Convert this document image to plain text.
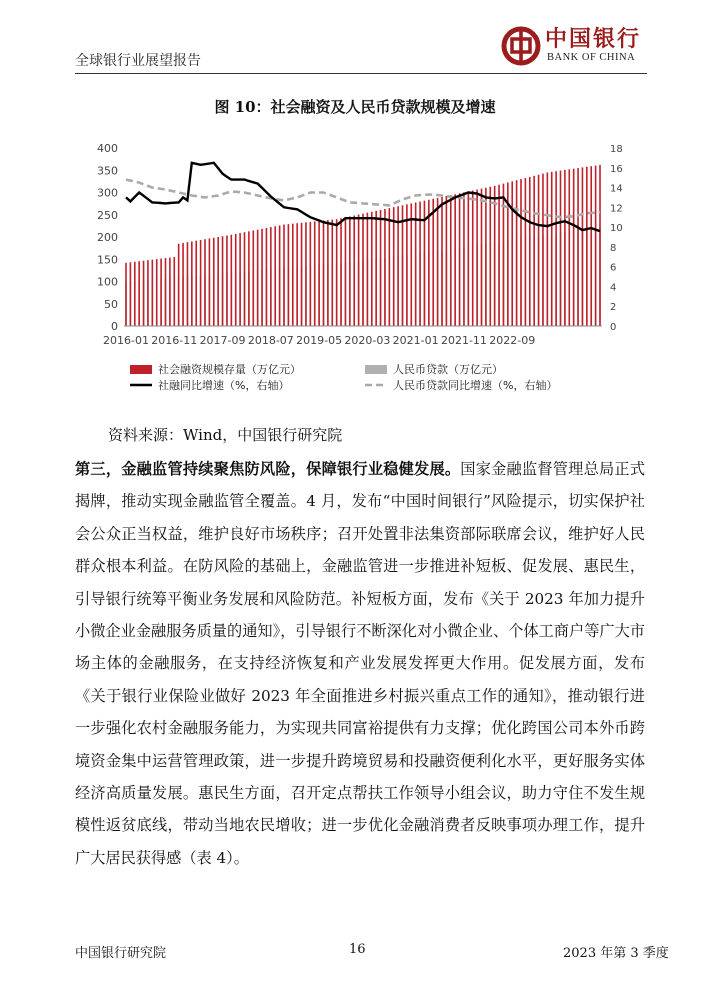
全球银行业展望报告
中国银行
BANK OF CHINA
图 10：社会融资及人民币贷款规模及增速
0
50
100
150
200
250
300
350
400
0
2
4
6
8
10
12
14
16
18
2016-01 2016-11 2017-09 2018-07 2019-05 2020-03 2021-01 2021-11 2022-09
社会融资规模存量（万亿元）	人民币贷款（万亿元）
社融同比增速（%，右轴）	人民币贷款同比增速（%，右轴）
资料来源：Wind，中国银行研究院
第三，金融监管持续聚焦防风险，保障银行业稳健发展。国家金融监督管理总局正式揭牌，推动实现金融监管全覆盖。4 月，发布“中国时间银行”风险提示，切实保护社会公众正当权益，维护良好市场秩序；召开处置非法集资部际联席会议，维护好人民群众根本利益。在防风险的基础上，金融监管进一步推进补短板、促发展、惠民生，引导银行统筹平衡业务发展和风险防范。补短板方面，发布《关于 2023 年加力提升小微企业金融服务质量的通知》，引导银行不断深化对小微企业、个体工商户等广大市场主体的金融服务，在支持经济恢复和产业发展发挥更大作用。促发展方面，发布《关于银行业保险业做好 2023 年全面推进乡村振兴重点工作的通知》，推动银行进一步强化农村金融服务能力，为实现共同富裕提供有力支撑；优化跨国公司本外币跨境资金集中运营管理政策，进一步提升跨境贸易和投融资便利化水平，更好服务实体经济高质量发展。惠民生方面，召开定点帮扶工作领导小组会议，助力守住不发生规模性返贫底线，带动当地农民增收；进一步优化金融消费者反映事项办理工作，提升广大居民获得感（表 4）。
中国银行研究院	16	2023 年第 3 季度
